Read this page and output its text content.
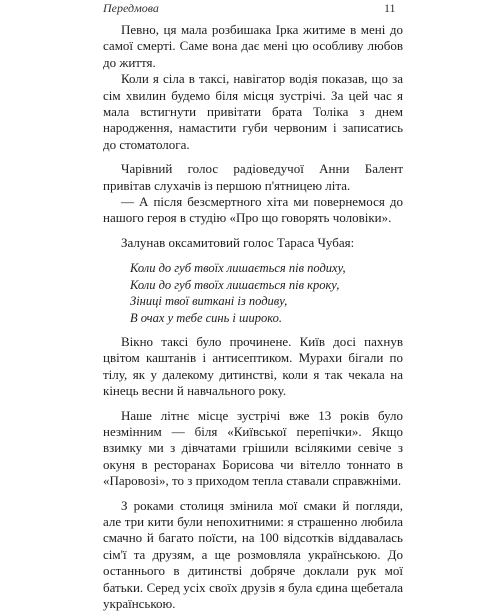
Передмова	11

Певно, ця мала розбишака Ірка житиме в мені до самої смерті. Саме вона дає мені цю особливу любов до життя.

Коли я сіла в таксі, навігатор водія показав, що за сім хвилин будемо біля місця зустрічі. За цей час я мала встигнути привітати брата Толіка з днем народження, намастити губи червоним і записатись до стоматолога.

Чарівний голос радіоведучої Анни Балент привітав слухачів із першою п'ятницею літа.

— А після безсмертного хіта ми повернемося до нашого героя в студію «Про що говорять чоловіки».

Залунав оксамитовий голос Тараса Чубая:

Коли до губ твоїх лишається пів подиху,
Коли до губ твоїх лишається пів кроку,
Зіниці твої виткані із подиву,
В очах у тебе синь і широко.

Вікно таксі було прочинене. Київ досі пахнув цвітом каштанів і антисептиком. Мурахи бігали по тілу, як у далекому дитинстві, коли я так чекала на кінець весни й навчального року.

Наше літнє місце зустрічі вже 13 років було незмінним — біля «Київської перепічки». Якщо взимку ми з дівчатами грішили всілякими севіче з окуня в ресторанах Борисова чи вітелло тоннато в «Паровозі», то з приходом тепла ставали справжніми.

З роками столиця змінила мої смаки й погляди, але три кити були непохитними: я страшенно любила смачно й багато поїсти, на 100 відсотків віддавалась сім'ї та друзям, а ще розмовляла українською. До останнього в дитинстві добряче доклали рук мої батьки. Серед усіх своїх друзів я була єдина щебетала українською.
